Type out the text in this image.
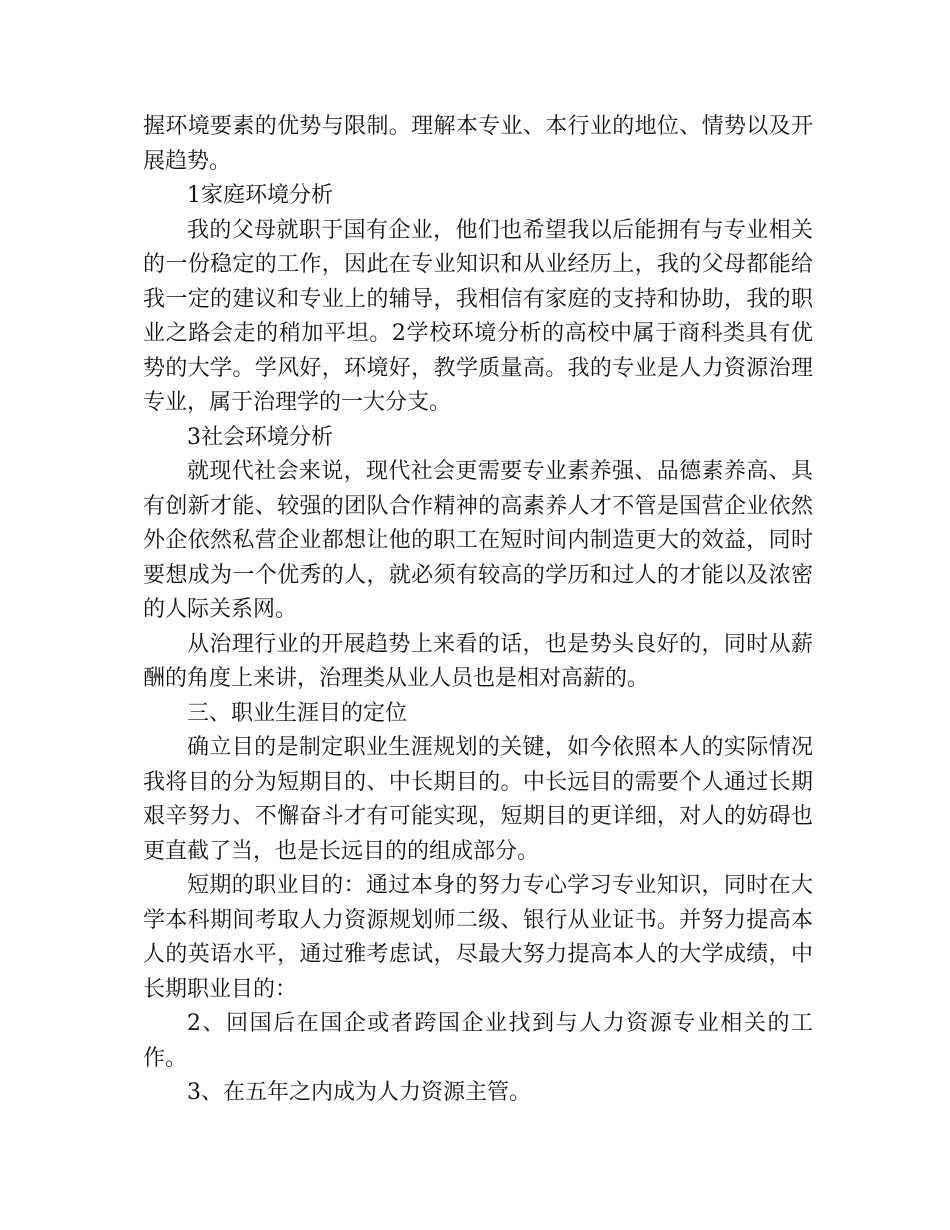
握环境要素的优势与限制。理解本专业、本行业的地位、情势以及开展趋势。

1家庭环境分析

我的父母就职于国有企业，他们也希望我以后能拥有与专业相关的一份稳定的工作，因此在专业知识和从业经历上，我的父母都能给我一定的建议和专业上的辅导，我相信有家庭的支持和协助，我的职业之路会走的稍加平坦。2学校环境分析的高校中属于商科类具有优势的大学。学风好，环境好，教学质量高。我的专业是人力资源治理专业，属于治理学的一大分支。

3社会环境分析

就现代社会来说，现代社会更需要专业素养强、品德素养高、具有创新才能、较强的团队合作精神的高素养人才不管是国营企业依然外企依然私营企业都想让他的职工在短时间内制造更大的效益，同时要想成为一个优秀的人，就必须有较高的学历和过人的才能以及浓密的人际关系网。

从治理行业的开展趋势上来看的话，也是势头良好的，同时从薪酬的角度上来讲，治理类从业人员也是相对高薪的。

三、职业生涯目的定位

确立目的是制定职业生涯规划的关键，如今依照本人的实际情况我将目的分为短期目的、中长期目的。中长远目的需要个人通过长期艰辛努力、不懈奋斗才有可能实现，短期目的更详细，对人的妨碍也更直截了当，也是长远目的的组成部分。

短期的职业目的：通过本身的努力专心学习专业知识，同时在大学本科期间考取人力资源规划师二级、银行从业证书。并努力提高本人的英语水平，通过雅考虑试，尽最大努力提高本人的大学成绩，中长期职业目的：

2、回国后在国企或者跨国企业找到与人力资源专业相关的工作。

3、在五年之内成为人力资源主管。
